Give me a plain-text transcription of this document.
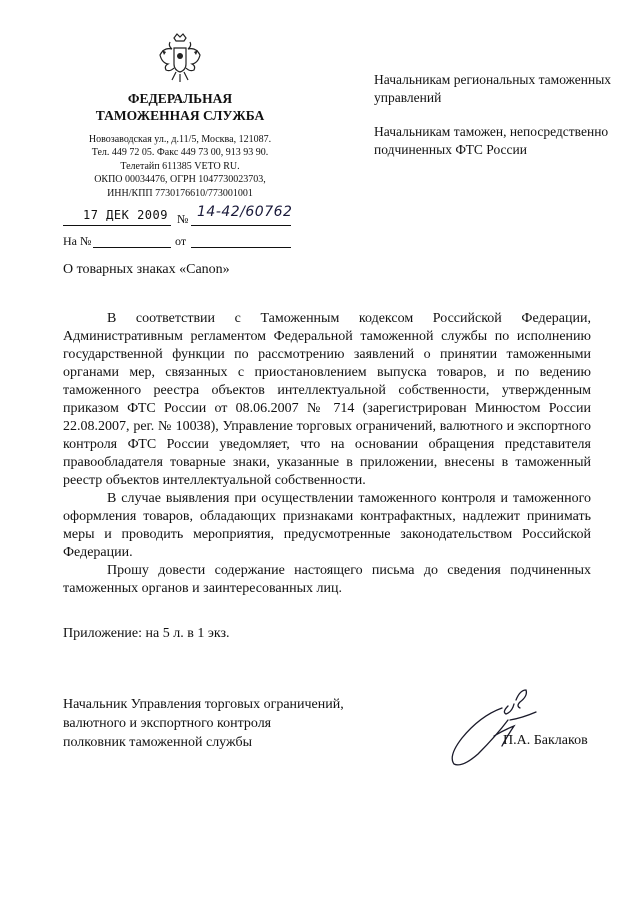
ФЕДЕРАЛЬНАЯ
ТАМОЖЕННАЯ СЛУЖБА
Новозаводская ул., д.11/5, Москва, 121087.
Тел. 449 72 05. Факс 449 73 00, 913 93 90.
Телетайп 611385 VETO RU.
ОКПО 00034476, ОГРН 1047730023703,
ИНН/КПП 7730176610/773001001
17 ДЕК 2009 № 14-42/60762
На №	от

Начальникам региональных таможенных управлений

Начальникам таможен, непосредственно подчиненных ФТС России

О товарных знаках «Canon»

В соответствии с Таможенным кодексом Российской Федерации, Административным регламентом Федеральной таможенной службы по исполнению государственной функции по рассмотрению заявлений о принятии таможенными органами мер, связанных с приостановлением выпуска товаров, и по ведению таможенного реестра объектов интеллектуальной собственности, утвержденным приказом ФТС России от 08.06.2007 № 714 (зарегистрирован Минюстом России 22.08.2007, рег. № 10038), Управление торговых ограничений, валютного и экспортного контроля ФТС России уведомляет, что на основании обращения представителя правообладателя товарные знаки, указанные в приложении, внесены в таможенный реестр объектов интеллектуальной собственности.

В случае выявления при осуществлении таможенного контроля и таможенного оформления товаров, обладающих признаками контрафактных, надлежит принимать меры и проводить мероприятия, предусмотренные законодательством Российской Федерации.

Прошу довести содержание настоящего письма до сведения подчиненных таможенных органов и заинтересованных лиц.

Приложение: на 5 л. в 1 экз.
Начальник Управления торговых ограничений,
валютного и экспортного контроля
полковник таможенной службы	П.А. Баклаков
